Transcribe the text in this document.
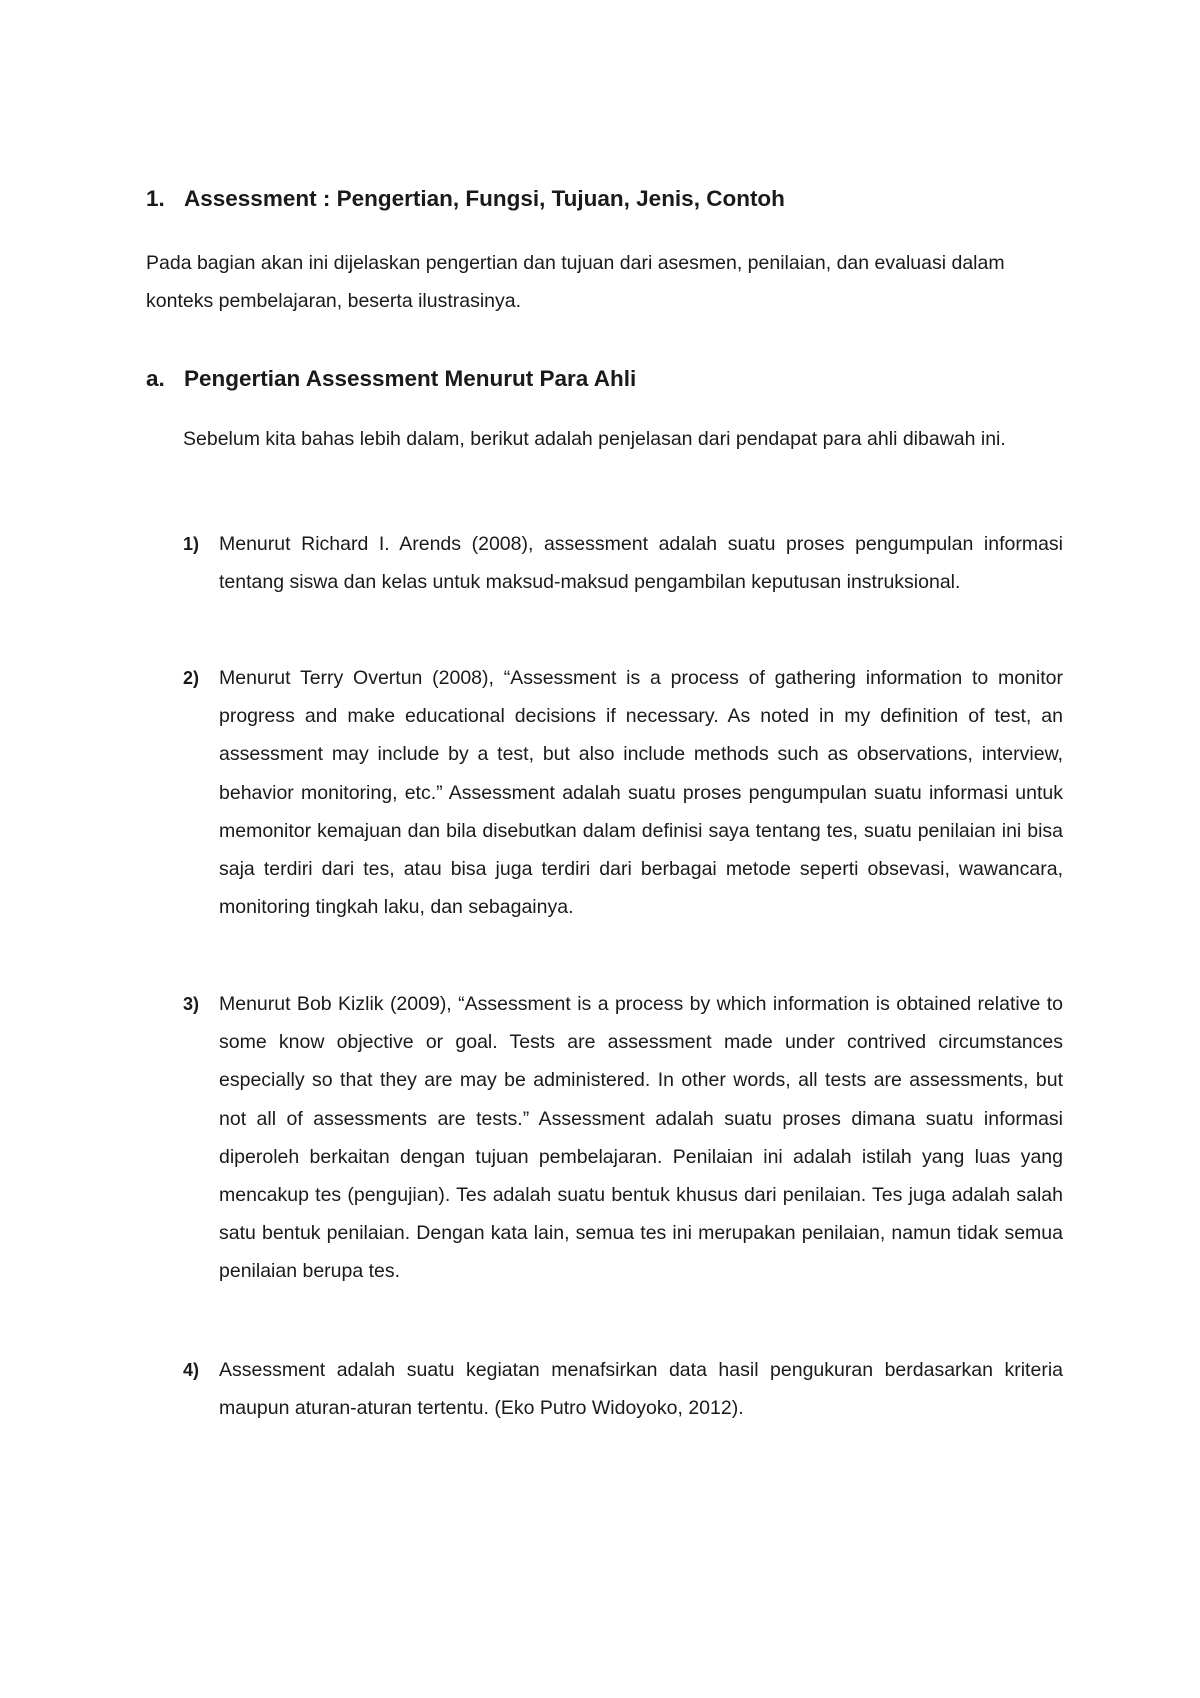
1. Assessment : Pengertian, Fungsi, Tujuan, Jenis, Contoh

Pada bagian akan ini dijelaskan pengertian dan tujuan dari asesmen, penilaian, dan evaluasi dalam konteks pembelajaran, beserta ilustrasinya.

a. Pengertian Assessment Menurut Para Ahli

Sebelum kita bahas lebih dalam, berikut adalah penjelasan dari pendapat para ahli dibawah ini.

1) Menurut Richard I. Arends (2008), assessment adalah suatu proses pengumpulan informasi tentang siswa dan kelas untuk maksud-maksud pengambilan keputusan instruksional.
2) Menurut Terry Overtun (2008), “Assessment is a process of gathering information to monitor progress and make educational decisions if necessary. As noted in my definition of test, an assessment may include by a test, but also include methods such as observations, interview, behavior monitoring, etc.” Assessment adalah suatu proses pengumpulan suatu informasi untuk memonitor kemajuan dan bila disebutkan dalam definisi saya tentang tes, suatu penilaian ini bisa saja terdiri dari tes, atau bisa juga terdiri dari berbagai metode seperti obsevasi, wawancara, monitoring tingkah laku, dan sebagainya.
3) Menurut Bob Kizlik (2009), “Assessment is a process by which information is obtained relative to some know objective or goal. Tests are assessment made under contrived circumstances especially so that they are may be administered. In other words, all tests are assessments, but not all of assessments are tests.” Assessment adalah suatu proses dimana suatu informasi diperoleh berkaitan dengan tujuan pembelajaran. Penilaian ini adalah istilah yang luas yang mencakup tes (pengujian). Tes adalah suatu bentuk khusus dari penilaian. Tes juga adalah salah satu bentuk penilaian. Dengan kata lain, semua tes ini merupakan penilaian, namun tidak semua penilaian berupa tes.
4) Assessment adalah suatu kegiatan menafsirkan data hasil pengukuran berdasarkan kriteria maupun aturan-aturan tertentu. (Eko Putro Widoyoko, 2012).
